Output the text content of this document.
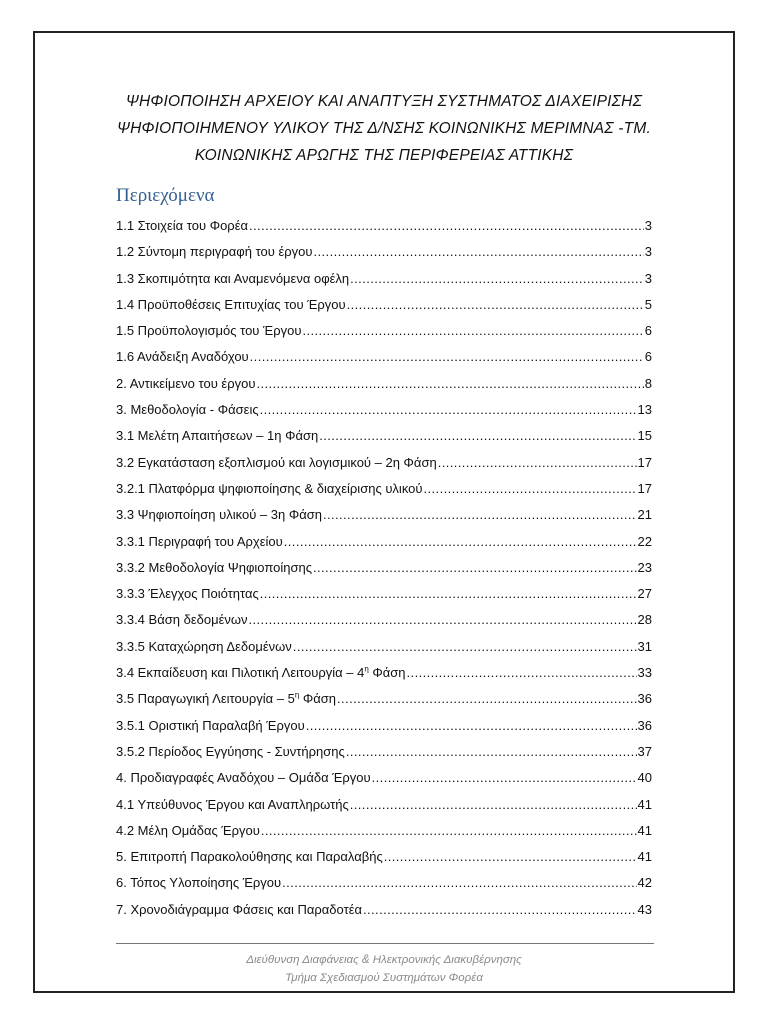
ΨΗΦΙΟΠΟΙΗΣΗ ΑΡΧΕΙΟΥ ΚΑΙ ΑΝΑΠΤΥΞΗ ΣΥΣΤΗΜΑΤΟΣ ΔΙΑΧΕΙΡΙΣΗΣ
ΨΗΦΙΟΠΟΙΗΜΕΝΟΥ ΥΛΙΚΟΥ ΤΗΣ Δ/ΝΣΗΣ ΚΟΙΝΩΝΙΚΗΣ ΜΕΡΙΜΝΑΣ -ΤΜ.
ΚΟΙΝΩΝΙΚΗΣ ΑΡΩΓΗΣ ΤΗΣ ΠΕΡΙΦΕΡΕΙΑΣ ΑΤΤΙΚΗΣ
Περιεχόμενα
1.1 Στοιχεία του Φορέα .....	3
1.2 Σύντομη περιγραφή του έργου .....	3
1.3 Σκοπιμότητα και Αναμενόμενα οφέλη .....	3
1.4 Προϋποθέσεις Επιτυχίας του Έργου .....	5
1.5 Προϋπολογισμός του Έργου .....	6
1.6 Ανάδειξη Αναδόχου .....	6
2. Αντικείμενο του έργου .....	8
3. Μεθοδολογία - Φάσεις .....	13
3.1 Μελέτη Απαιτήσεων – 1η Φάση .....	15
3.2 Εγκατάσταση εξοπλισμού και λογισμικού – 2η Φάση .....	17
3.2.1 Πλατφόρμα ψηφιοποίησης & διαχείρισης υλικού .....	17
3.3 Ψηφιοποίηση υλικού – 3η Φάση .....	21
3.3.1 Περιγραφή του Αρχείου .....	22
3.3.2 Μεθοδολογία Ψηφιοποίησης .....	23
3.3.3 Έλεγχος Ποιότητας .....	27
3.3.4 Βάση δεδομένων .....	28
3.3.5 Καταχώρηση Δεδομένων .....	31
3.4 Εκπαίδευση και Πιλοτική Λειτουργία – $4^\eta$ Φάση .....	33
3.5 Παραγωγική Λειτουργία – $5^\eta$ Φάση .....	36
3.5.1 Οριστική Παραλαβή Έργου .....	36
3.5.2 Περίοδος Εγγύησης - Συντήρησης .....	37
4. Προδιαγραφές Αναδόχου – Ομάδα Έργου .....	40
4.1 Υπεύθυνος Έργου και Αναπληρωτής .....	41
4.2 Μέλη Ομάδας Έργου .....	41
5. Επιτροπή Παρακολούθησης και Παραλαβής .....	41
6. Τόπος Υλοποίησης Έργου .....	42
7. Χρονοδιάγραμμα Φάσεις και Παραδοτέα .....	43
Διεύθυνση Διαφάνειας & Ηλεκτρονικής Διακυβέρνησης
Τμήμα Σχεδιασμού Συστημάτων Φορέα
